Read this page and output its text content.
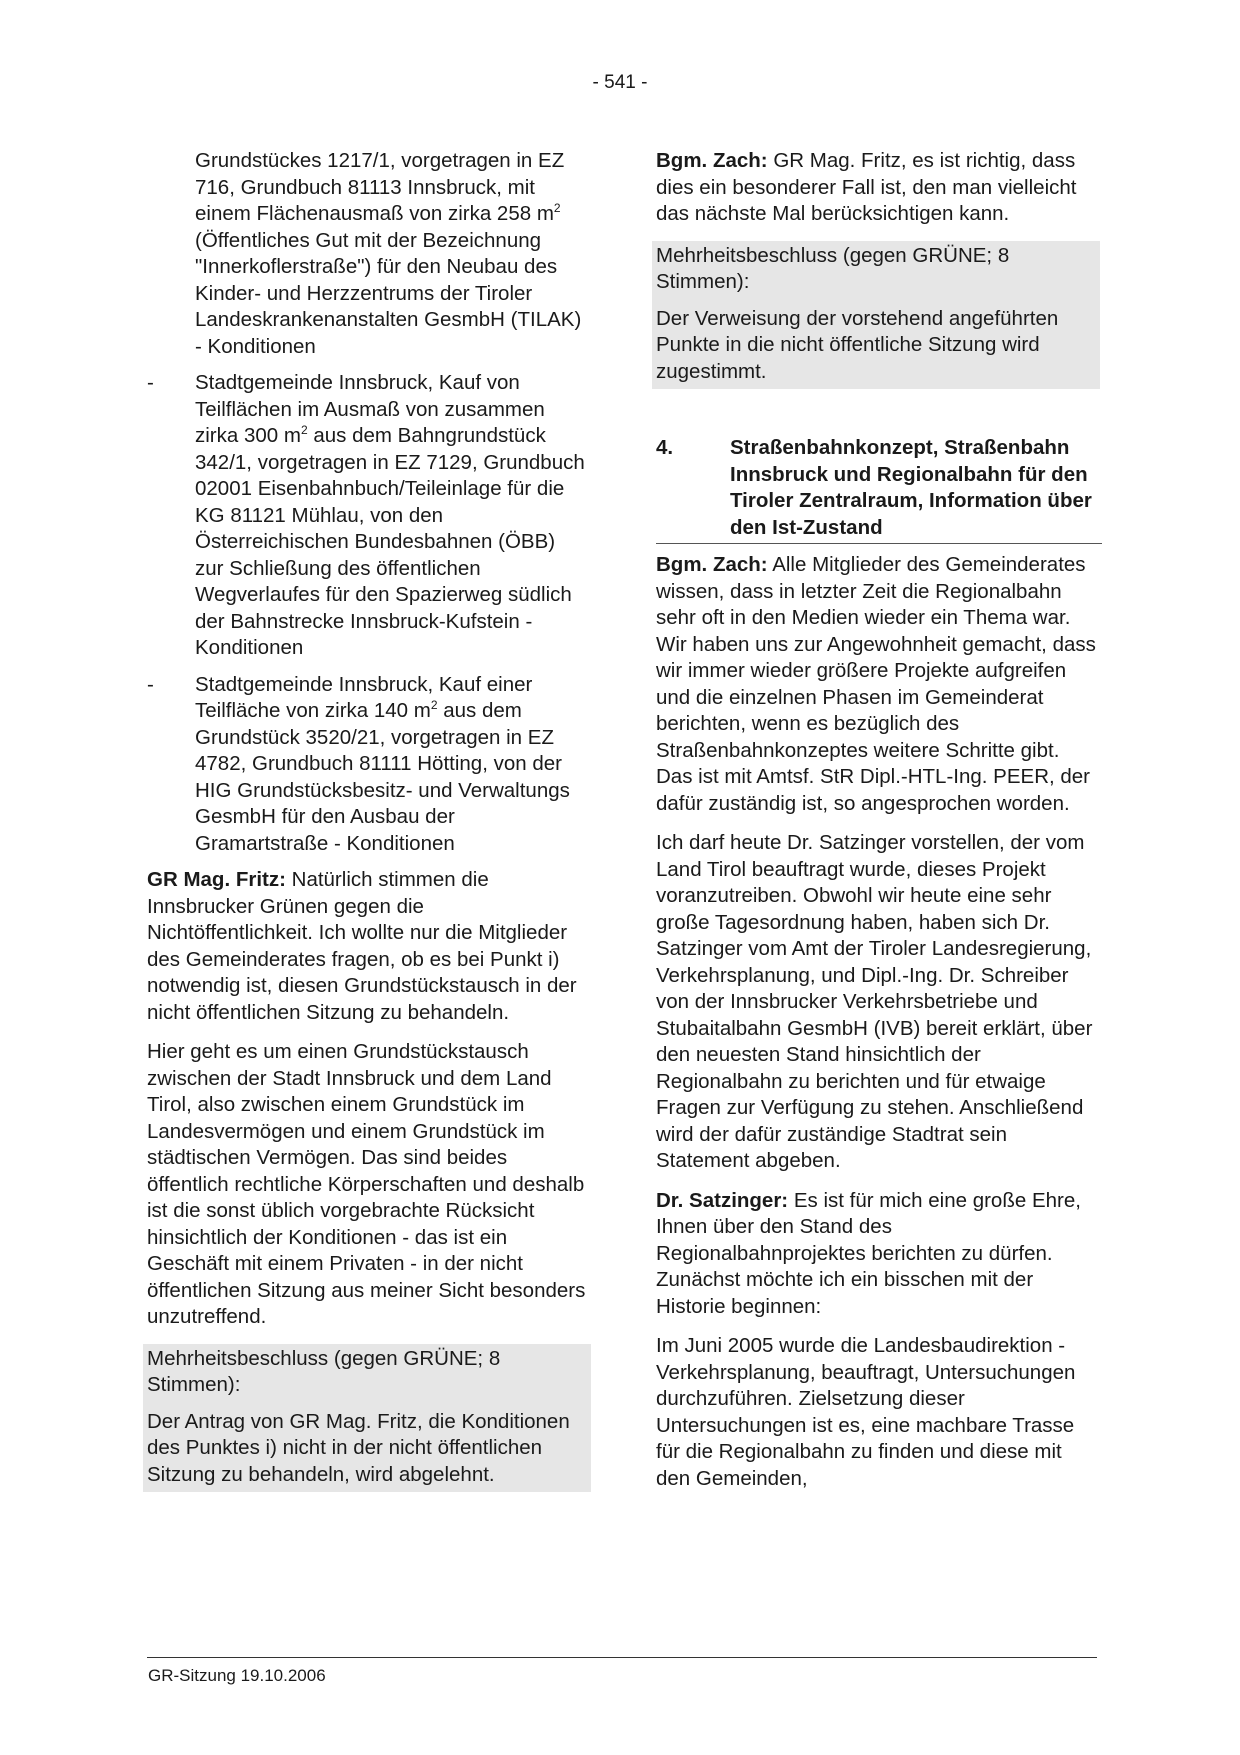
- 541 -
Grundstückes 1217/1, vorgetragen in EZ 716, Grundbuch 81113 Innsbruck, mit einem Flächenausmaß von zirka 258 $m^2$ (Öffentliches Gut mit der Bezeichnung "Innerkoflerstraße") für den Neubau des Kinder- und Herzzentrums der Tiroler Landeskrankenanstalten GesmbH (TILAK) - Konditionen
- Stadtgemeinde Innsbruck, Kauf von Teilflächen im Ausmaß von zusammen zirka 300 $m^2$ aus dem Bahngrundstück 342/1, vorgetragen in EZ 7129, Grundbuch 02001 Eisenbahnbuch/Teileinlage für die KG 81121 Mühlau, von den Österreichischen Bundesbahnen (ÖBB) zur Schließung des öffentlichen Wegverlaufes für den Spazierweg südlich der Bahnstrecke Innsbruck-Kufstein - Konditionen
- Stadtgemeinde Innsbruck, Kauf einer Teilfläche von zirka 140 $m^2$ aus dem Grundstück 3520/21, vorgetragen in EZ 4782, Grundbuch 81111 Hötting, von der HIG Grundstücksbesitz- und Verwaltungs GesmbH für den Ausbau der Gramartstraße - Konditionen

GR Mag. Fritz: Natürlich stimmen die Innsbrucker Grünen gegen die Nichtöffentlichkeit. Ich wollte nur die Mitglieder des Gemeinderates fragen, ob es bei Punkt i) notwendig ist, diesen Grundstückstausch in der nicht öffentlichen Sitzung zu behandeln.

Hier geht es um einen Grundstückstausch zwischen der Stadt Innsbruck und dem Land Tirol, also zwischen einem Grundstück im Landesvermögen und einem Grundstück im städtischen Vermögen. Das sind beides öffentlich rechtliche Körperschaften und deshalb ist die sonst üblich vorgebrachte Rücksicht hinsichtlich der Konditionen - das ist ein Geschäft mit einem Privaten - in der nicht öffentlichen Sitzung aus meiner Sicht besonders unzutreffend.

Mehrheitsbeschluss (gegen GRÜNE; 8 Stimmen):

Der Antrag von GR Mag. Fritz, die Konditionen des Punktes i) nicht in der nicht öffentlichen Sitzung zu behandeln, wird abgelehnt.

Bgm. Zach: GR Mag. Fritz, es ist richtig, dass dies ein besonderer Fall ist, den man vielleicht das nächste Mal berücksichtigen kann.

Mehrheitsbeschluss (gegen GRÜNE; 8 Stimmen):

Der Verweisung der vorstehend angeführten Punkte in die nicht öffentliche Sitzung wird zugestimmt.

4.	Straßenbahnkonzept, Straßenbahn Innsbruck und Regionalbahn für den Tiroler Zentralraum, Information über den Ist-Zustand

Bgm. Zach: Alle Mitglieder des Gemeinderates wissen, dass in letzter Zeit die Regionalbahn sehr oft in den Medien wieder ein Thema war. Wir haben uns zur Angewohnheit gemacht, dass wir immer wieder größere Projekte aufgreifen und die einzelnen Phasen im Gemeinderat berichten, wenn es bezüglich des Straßenbahnkonzeptes weitere Schritte gibt. Das ist mit Amtsf. StR Dipl.-HTL-Ing. PEER, der dafür zuständig ist, so angesprochen worden.

Ich darf heute Dr. Satzinger vorstellen, der vom Land Tirol beauftragt wurde, dieses Projekt voranzutreiben. Obwohl wir heute eine sehr große Tagesordnung haben, haben sich Dr. Satzinger vom Amt der Tiroler Landesregierung, Verkehrsplanung, und Dipl.-Ing. Dr. Schreiber von der Innsbrucker Verkehrsbetriebe und Stubaitalbahn GesmbH (IVB) bereit erklärt, über den neuesten Stand hinsichtlich der Regionalbahn zu berichten und für etwaige Fragen zur Verfügung zu stehen. Anschließend wird der dafür zuständige Stadtrat sein Statement abgeben.

Dr. Satzinger: Es ist für mich eine große Ehre, Ihnen über den Stand des Regionalbahnprojektes berichten zu dürfen. Zunächst möchte ich ein bisschen mit der Historie beginnen:

Im Juni 2005 wurde die Landesbaudirektion - Verkehrsplanung, beauftragt, Untersuchungen durchzuführen. Zielsetzung dieser Untersuchungen ist es, eine machbare Trasse für die Regionalbahn zu finden und diese mit den Gemeinden,

GR-Sitzung 19.10.2006
